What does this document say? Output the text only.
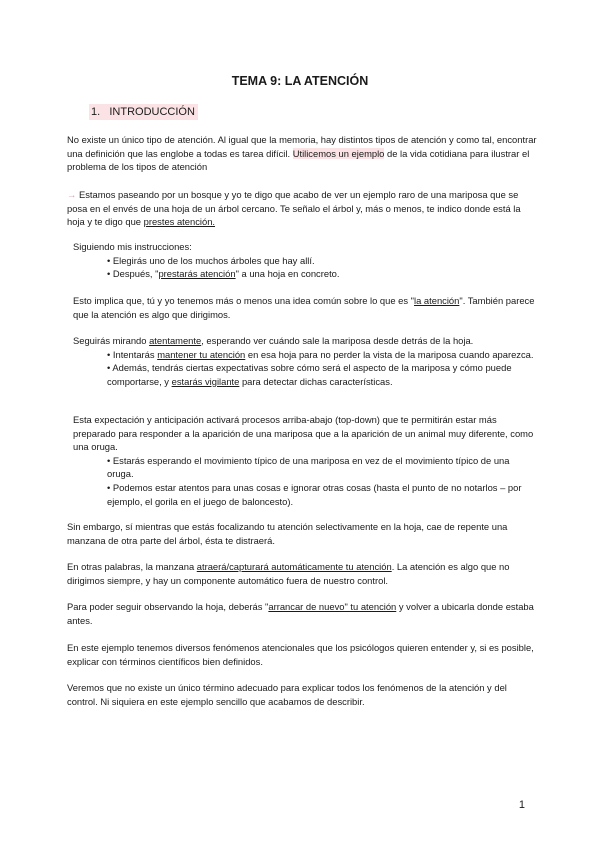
TEMA 9: LA ATENCIÓN
1. INTRODUCCIÓN

No existe un único tipo de atención. Al igual que la memoria, hay distintos tipos de atención y como tal, encontrar una definición que las englobe a todas es tarea difícil. Utilicemos un ejemplo de la vida cotidiana para ilustrar el problema de los tipos de atención

→ Estamos paseando por un bosque y yo te digo que acabo de ver un ejemplo raro de una mariposa que se posa en el envés de una hoja de un árbol cercano. Te señalo el árbol y, más o menos, te indico donde está la hoja y te digo que prestes atención.

Siguiendo mis instrucciones:

• Elegirás uno de los muchos árboles que hay allí.
• Después, "prestarás atención" a una hoja en concreto.

Esto implica que, tú y yo tenemos más o menos una idea común sobre lo que es "la atención". También parece que la atención es algo que dirigimos.

Seguirás mirando atentamente, esperando ver cuándo sale la mariposa desde detrás de la hoja.

• Intentarás mantener tu atención en esa hoja para no perder la vista de la mariposa cuando aparezca.
• Además, tendrás ciertas expectativas sobre cómo será el aspecto de la mariposa y cómo puede comportarse, y estarás vigilante para detectar dichas características.

Esta expectación y anticipación activará procesos arriba-abajo (top-down) que te permitirán estar más preparado para responder a la aparición de una mariposa que a la aparición de un animal muy diferente, como una oruga.

• Estarás esperando el movimiento típico de una mariposa en vez de el movimiento típico de una oruga.
• Podemos estar atentos para unas cosas e ignorar otras cosas (hasta el punto de no notarlos – por ejemplo, el gorila en el juego de baloncesto).

Sin embargo, sí mientras que estás focalizando tu atención selectivamente en la hoja, cae de repente una manzana de otra parte del árbol, ésta te distraerá.

En otras palabras, la manzana atraerá/capturará automáticamente tu atención. La atención es algo que no dirigimos siempre, y hay un componente automático fuera de nuestro control.

Para poder seguir observando la hoja, deberás "arrancar de nuevo" tu atención y volver a ubicarla donde estaba antes.

En este ejemplo tenemos diversos fenómenos atencionales que los psicólogos quieren entender y, si es posible, explicar con términos científicos bien definidos.

Veremos que no existe un único término adecuado para explicar todos los fenómenos de la atención y del control. Ni siquiera en este ejemplo sencillo que acabamos de describir.

1
